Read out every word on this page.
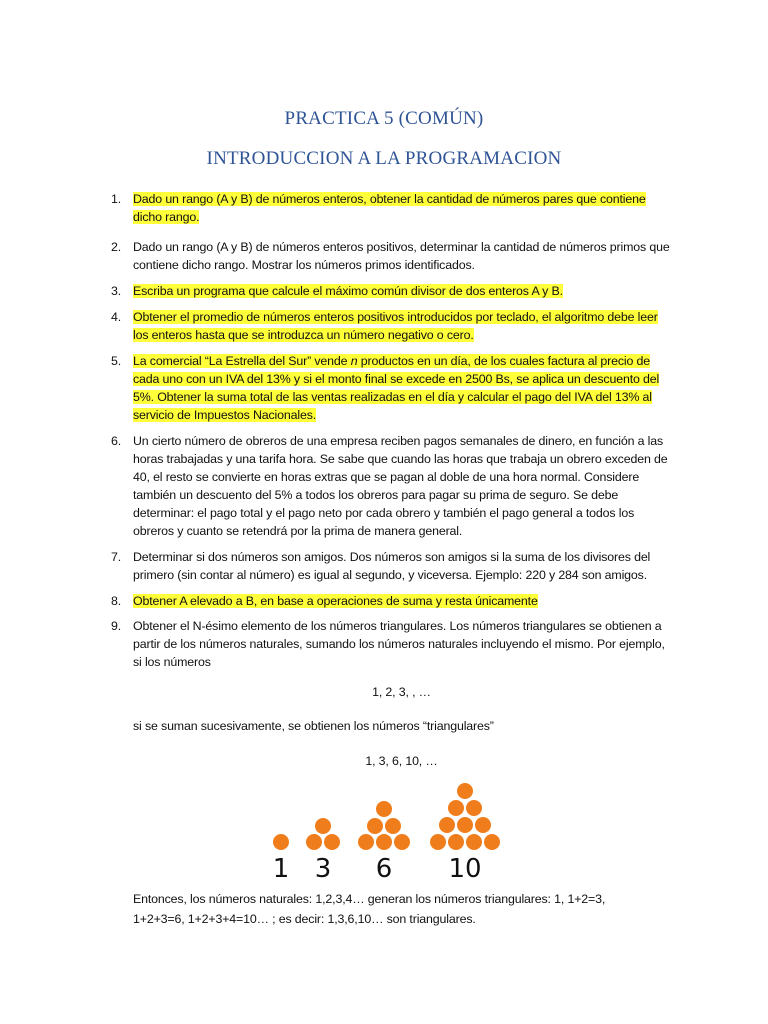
PRACTICA 5 (COMÚN)
INTRODUCCION A LA PROGRAMACION
1. Dado un rango (A y B) de números enteros, obtener la cantidad de números pares que contiene dicho rango.
2. Dado un rango (A y B) de números enteros positivos, determinar la cantidad de números primos que contiene dicho rango. Mostrar los números primos identificados.
3. Escriba un programa que calcule el máximo común divisor de dos enteros A y B.
4. Obtener el promedio de números enteros positivos introducidos por teclado, el algoritmo debe leer los enteros hasta que se introduzca un número negativo o cero.
5. La comercial “La Estrella del Sur” vende n productos en un día, de los cuales factura al precio de cada uno con un IVA del 13% y si el monto final se excede en 2500 Bs, se aplica un descuento del 5%. Obtener la suma total de las ventas realizadas en el día y calcular el pago del IVA del 13% al servicio de Impuestos Nacionales.
6. Un cierto número de obreros de una empresa reciben pagos semanales de dinero, en función a las horas trabajadas y una tarifa hora. Se sabe que cuando las horas que trabaja un obrero exceden de 40, el resto se convierte en horas extras que se pagan al doble de una hora normal. Considere también un descuento del 5% a todos los obreros para pagar su prima de seguro. Se debe determinar: el pago total y el pago neto por cada obrero y también el pago general a todos los obreros y cuanto se retendrá por la prima de manera general.
7. Determinar si dos números son amigos. Dos números son amigos si la suma de los divisores del primero (sin contar al número) es igual al segundo, y viceversa. Ejemplo: 220 y 284 son amigos.
8. Obtener A elevado a B, en base a operaciones de suma y resta únicamente
9. Obtener el N-ésimo elemento de los números triangulares. Los números triangulares se obtienen a partir de los números naturales, sumando los números naturales incluyendo el mismo. Por ejemplo, si los números

1, 2, 3, , …

si se suman sucesivamente, se obtienen los números “triangulares”

1, 3, 6, 10, …

1 3 6 10
Entonces, los números naturales: 1,2,3,4… generan los números triangulares: 1, 1+2=3, 1+2+3=6, 1+2+3+4=10… ; es decir: 1,3,6,10… son triangulares.
